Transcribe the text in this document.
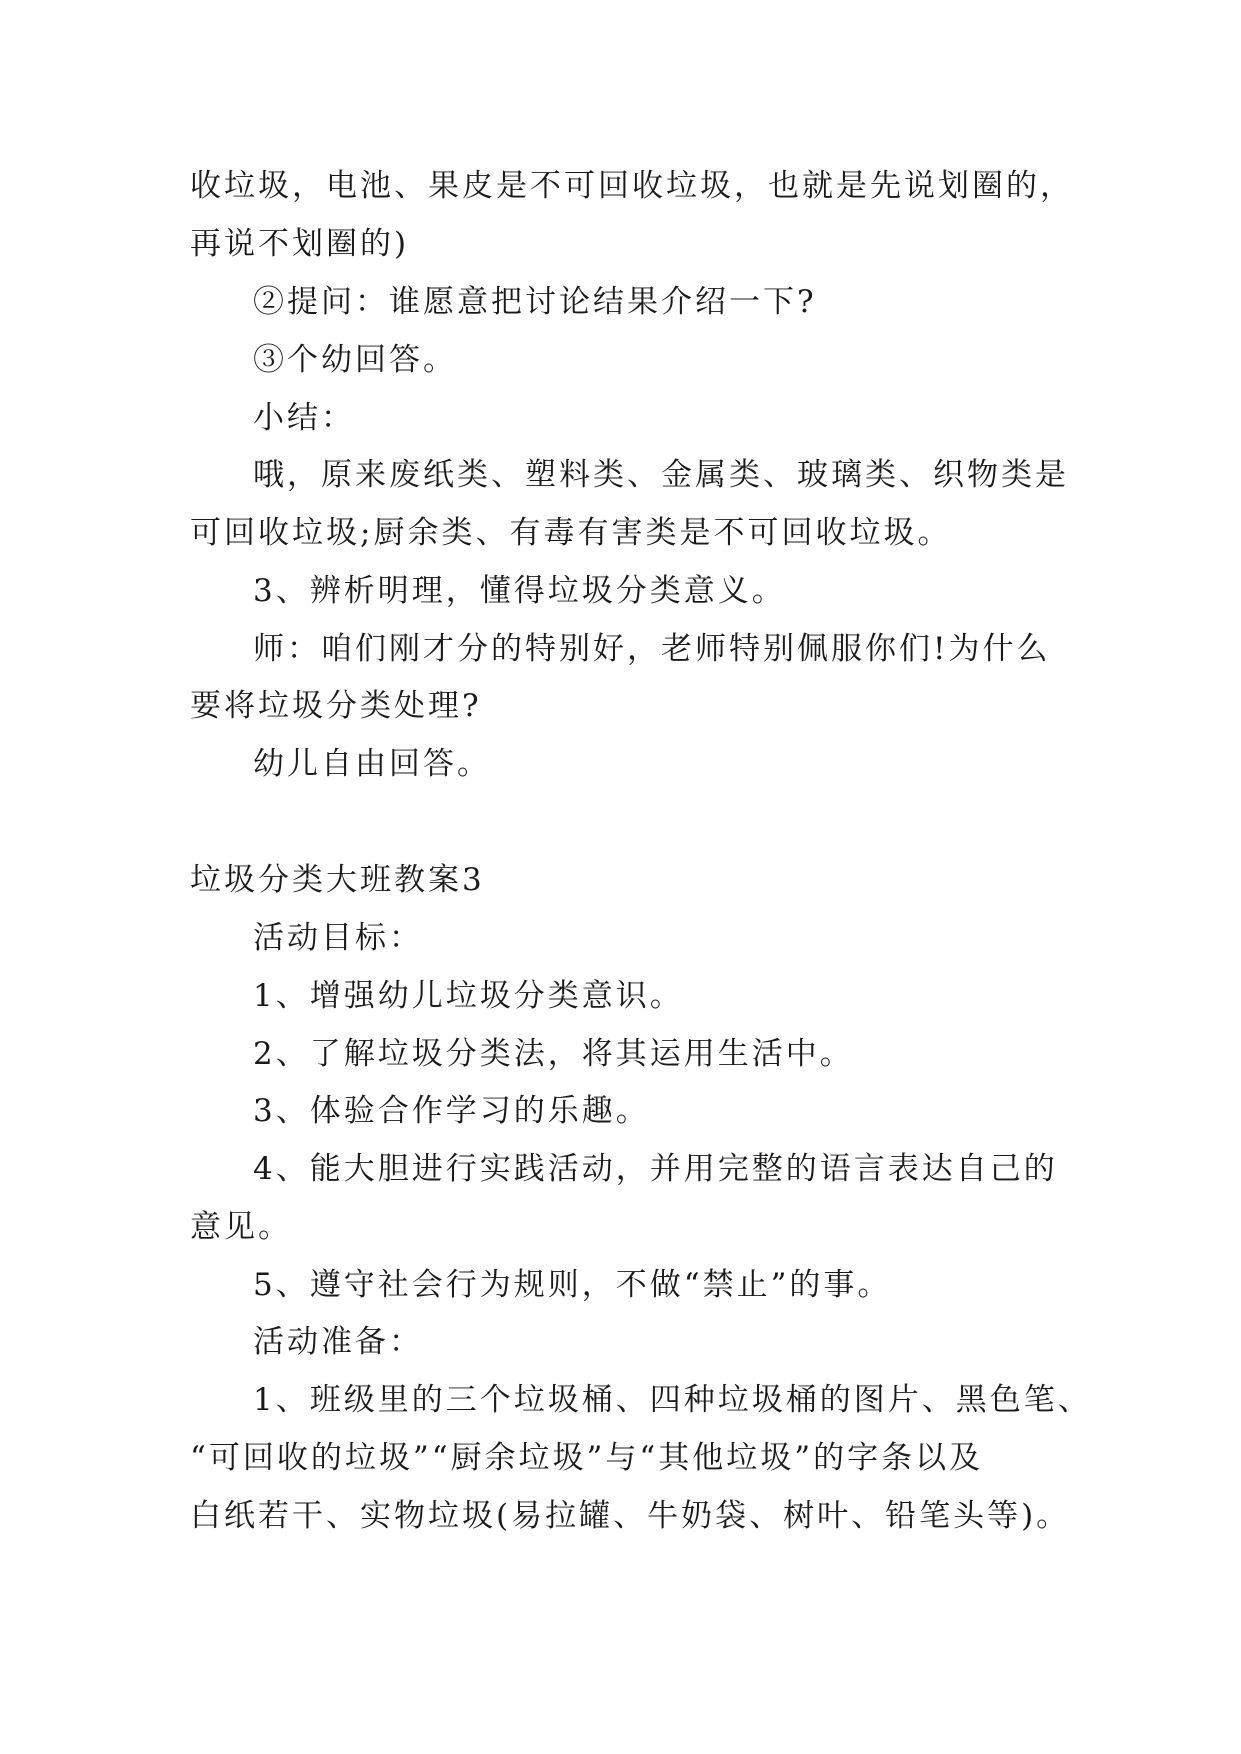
收垃圾，电池、果皮是不可回收垃圾，也就是先说划圈的，
再说不划圈的)
②提问：谁愿意把讨论结果介绍一下?
③个幼回答。
小结：
哦，原来废纸类、塑料类、金属类、玻璃类、织物类是
可回收垃圾;厨余类、有毒有害类是不可回收垃圾。
3、辨析明理，懂得垃圾分类意义。
师：咱们刚才分的特别好，老师特别佩服你们!为什么
要将垃圾分类处理?
幼儿自由回答。
垃圾分类大班教案3
活动目标：
1、增强幼儿垃圾分类意识。
2、了解垃圾分类法，将其运用生活中。
3、体验合作学习的乐趣。
4、能大胆进行实践活动，并用完整的语言表达自己的
意见。
5、遵守社会行为规则，不做“禁止”的事。
活动准备：
1、班级里的三个垃圾桶、四种垃圾桶的图片、黑色笔、
“可回收的垃圾”“厨余垃圾”与“其他垃圾”的字条以及
白纸若干、实物垃圾(易拉罐、牛奶袋、树叶、铅笔头等)。
